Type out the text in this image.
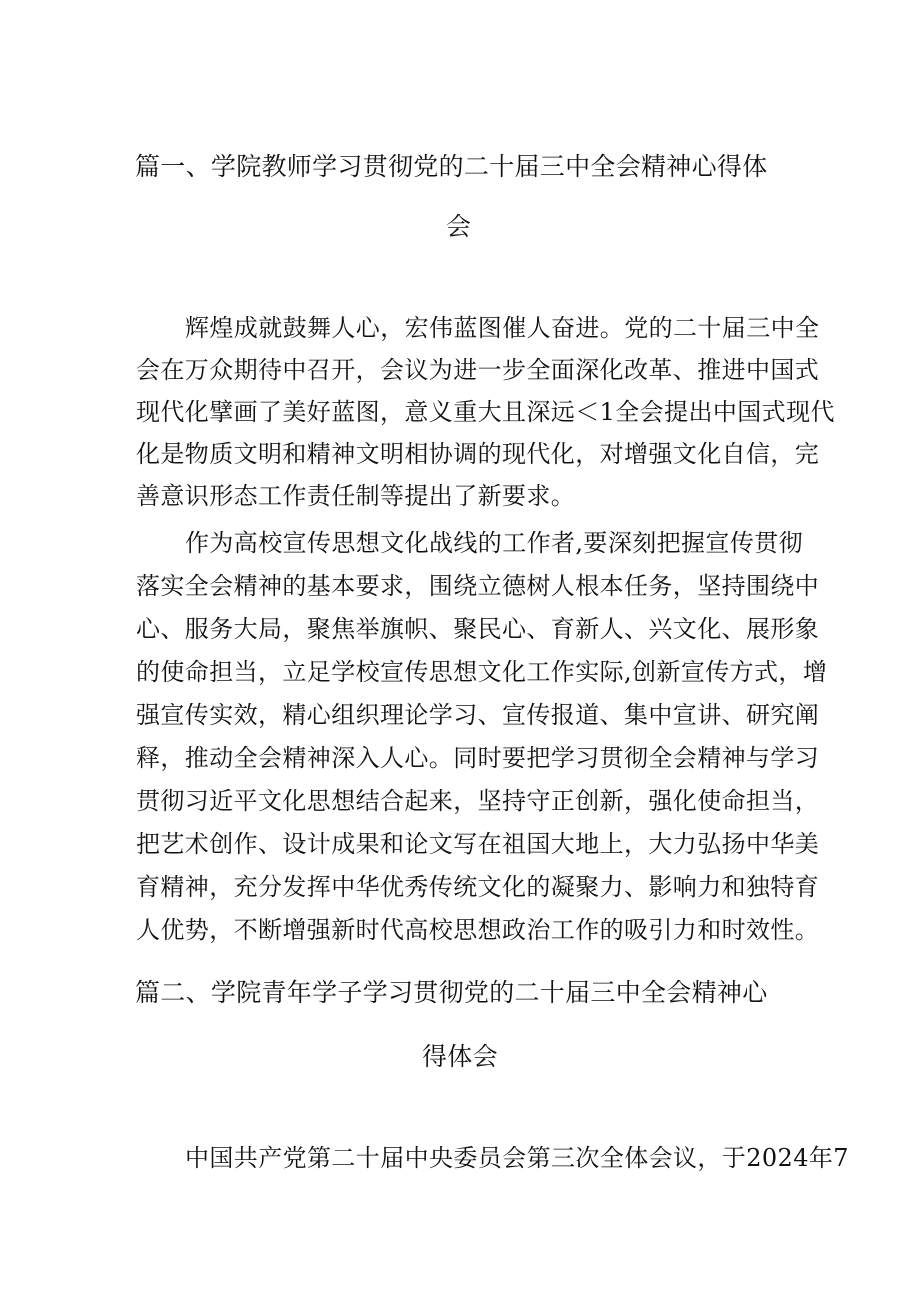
篇一、学院教师学习贯彻党的二十届三中全会精神心得体
会

辉煌成就鼓舞人心，宏伟蓝图催人奋进。党的二十届三中全

会在万众期待中召开，会议为进一步全面深化改革、推进中国式

现代化擘画了美好蓝图，意义重大且深远＜1全会提出中国式现代

化是物质文明和精神文明相协调的现代化，对增强文化自信，完

善意识形态工作责任制等提出了新要求。

作为高校宣传思想文化战线的工作者,要深刻把握宣传贯彻

落实全会精神的基本要求，围绕立德树人根本任务，坚持围绕中

心、服务大局，聚焦举旗帜、聚民心、育新人、兴文化、展形象

的使命担当，立足学校宣传思想文化工作实际,创新宣传方式，增

强宣传实效，精心组织理论学习、宣传报道、集中宣讲、研究阐

释，推动全会精神深入人心。同时要把学习贯彻全会精神与学习

贯彻习近平文化思想结合起来，坚持守正创新，强化使命担当，

把艺术创作、设计成果和论文写在祖国大地上，大力弘扬中华美

育精神，充分发挥中华优秀传统文化的凝聚力、影响力和独特育

人优势，不断增强新时代高校思想政治工作的吸引力和时效性。

篇二、学院青年学子学习贯彻党的二十届三中全会精神心
得体会

中国共产党第二十届中央委员会第三次全体会议，于2024年7
